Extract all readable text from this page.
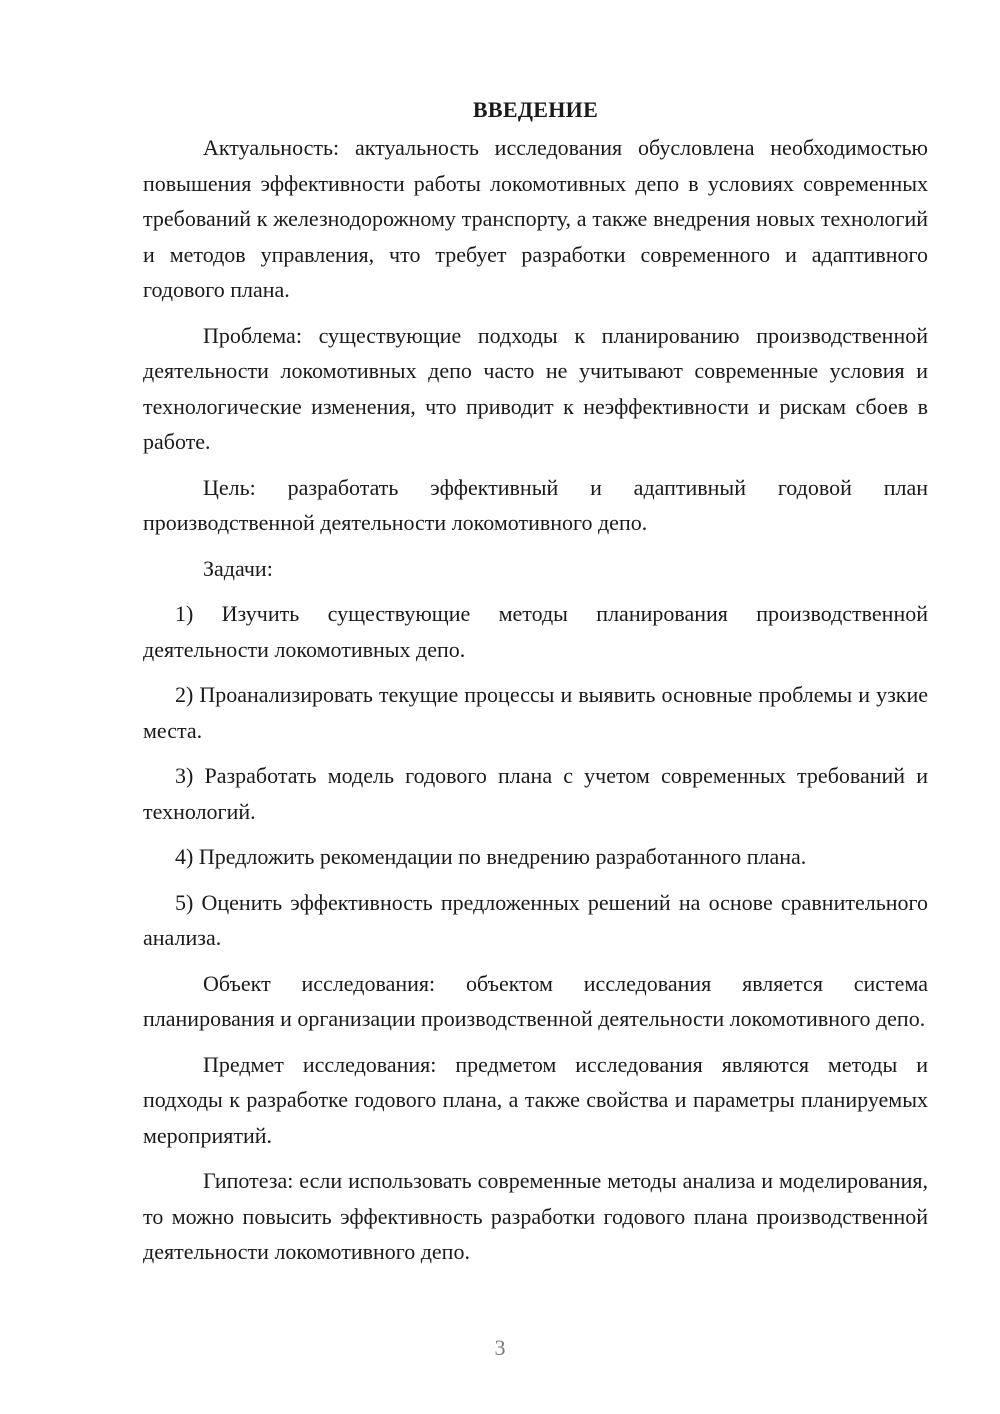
ВВЕДЕНИЕ

Актуальность: актуальность исследования обусловлена необходимостью повышения эффективности работы локомотивных депо в условиях современных требований к железнодорожному транспорту, а также внедрения новых технологий и методов управления, что требует разработки современного и адаптивного годового плана.

Проблема: существующие подходы к планированию производственной деятельности локомотивных депо часто не учитывают современные условия и технологические изменения, что приводит к неэффективности и рискам сбоев в работе.

Цель: разработать эффективный и адаптивный годовой план производственной деятельности локомотивного депо.

Задачи:

1) Изучить существующие методы планирования производственной деятельности локомотивных депо.

2) Проанализировать текущие процессы и выявить основные проблемы и узкие места.

3) Разработать модель годового плана с учетом современных требований и технологий.

4) Предложить рекомендации по внедрению разработанного плана.

5) Оценить эффективность предложенных решений на основе сравнительного анализа.

Объект исследования: объектом исследования является система планирования и организации производственной деятельности локомотивного депо.

Предмет исследования: предметом исследования являются методы и подходы к разработке годового плана, а также свойства и параметры планируемых мероприятий.

Гипотеза: если использовать современные методы анализа и моделирования, то можно повысить эффективность разработки годового плана производственной деятельности локомотивного депо.

3
